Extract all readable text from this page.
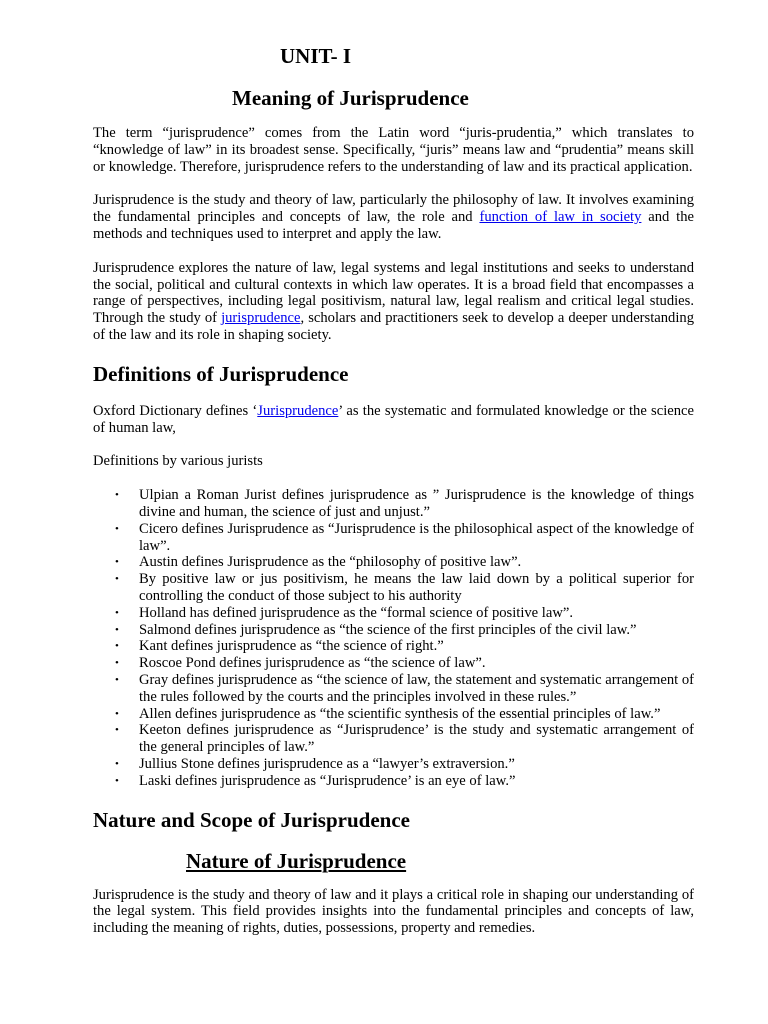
UNIT- I
Meaning of Jurisprudence

The term “jurisprudence” comes from the Latin word “juris-prudentia,” which translates to “knowledge of law” in its broadest sense. Specifically, “juris” means law and “prudentia” means skill or knowledge. Therefore, jurisprudence refers to the understanding of law and its practical application.

Jurisprudence is the study and theory of law, particularly the philosophy of law. It involves examining the fundamental principles and concepts of law, the role and function of law in society and the methods and techniques used to interpret and apply the law.

Jurisprudence explores the nature of law, legal systems and legal institutions and seeks to understand the social, political and cultural contexts in which law operates. It is a broad field that encompasses a range of perspectives, including legal positivism, natural law, legal realism and critical legal studies. Through the study of jurisprudence, scholars and practitioners seek to develop a deeper understanding of the law and its role in shaping society.

Definitions of Jurisprudence

Oxford Dictionary defines ‘Jurisprudence’ as the systematic and formulated knowledge or the science of human law,

Definitions by various jurists

• Ulpian a Roman Jurist defines jurisprudence as ” Jurisprudence is the knowledge of things divine and human, the science of just and unjust.”
• Cicero defines Jurisprudence as “Jurisprudence is the philosophical aspect of the knowledge of law”.
• Austin defines Jurisprudence as the “philosophy of positive law”.
• By positive law or jus positivism, he means the law laid down by a political superior for controlling the conduct of those subject to his authority
• Holland has defined jurisprudence as the “formal science of positive law”.
• Salmond defines jurisprudence as “the science of the first principles of the civil law.”
• Kant defines jurisprudence as “the science of right.”
• Roscoe Pond defines jurisprudence as “the science of law”.
• Gray defines jurisprudence as “the science of law, the statement and systematic arrangement of the rules followed by the courts and the principles involved in these rules.”
• Allen defines jurisprudence as “the scientific synthesis of the essential principles of law.”
• Keeton defines jurisprudence as “Jurisprudence’ is the study and systematic arrangement of the general principles of law.”
• Jullius Stone defines jurisprudence as a “lawyer’s extraversion.”
• Laski defines jurisprudence as “Jurisprudence’ is an eye of law.”
Nature and Scope of Jurisprudence
Nature of Jurisprudence

Jurisprudence is the study and theory of law and it plays a critical role in shaping our understanding of the legal system. This field provides insights into the fundamental principles and concepts of law, including the meaning of rights, duties, possessions, property and remedies.
